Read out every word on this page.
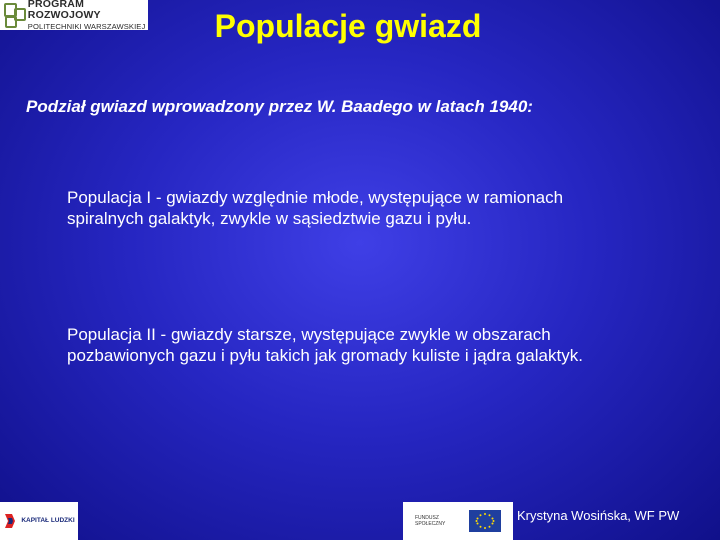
PROGRAM ROZWOJOWY
POLITECHNIKI WARSZAWSKIEJ	Populacje gwiazd
Podział gwiazd wprowadzony przez W. Baadego w latach 1940:
Populacja I - gwiazdy względnie młode, występujące w ramionach spiralnych galaktyk, zwykle w sąsiedztwie gazu i pyłu.
Populacja II - gwiazdy starsze, występujące zwykle w obszarach pozbawionych gazu i pyłu takich jak gromady kuliste i jądra galaktyk.
KAPITAŁ LUDZKI	FUNDUSZ SPOŁECZNY
Krystyna Wosińska, WF PW
